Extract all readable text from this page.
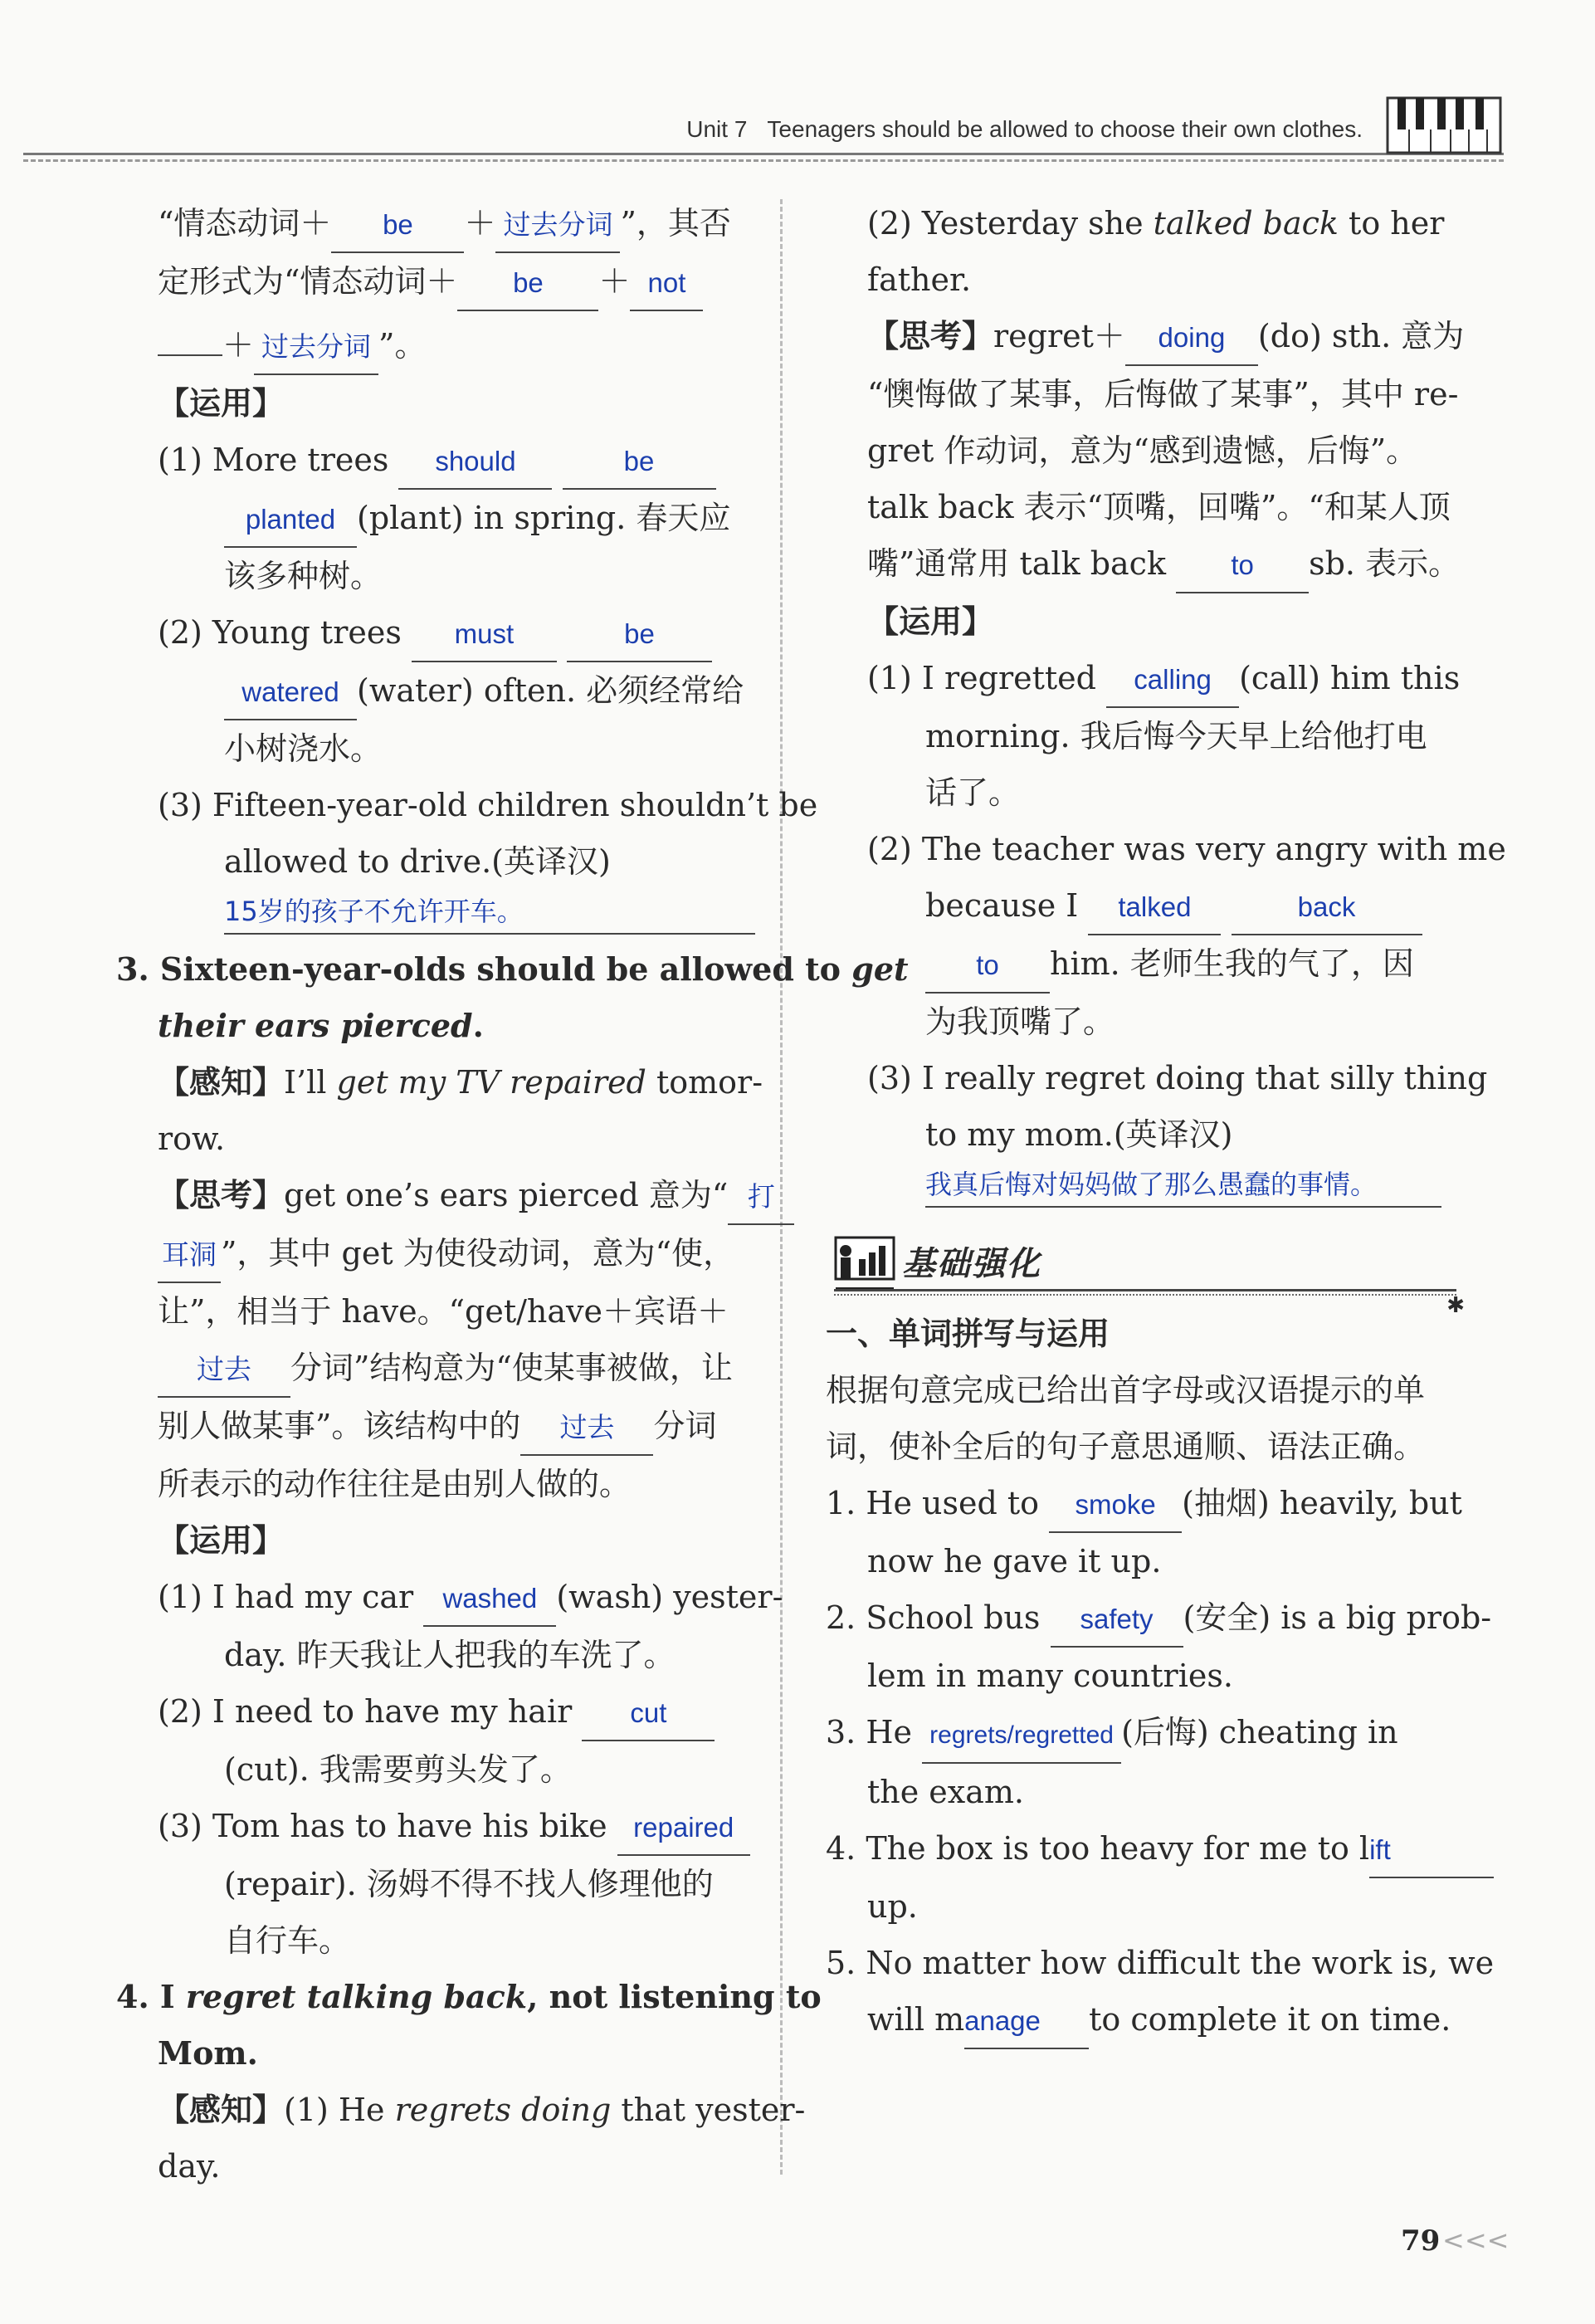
Unit 7 Teenagers should be allowed to choose their own clothes.
“情态动词＋ be ＋ 过去分词 ”，其否
定形式为“情态动词＋ be ＋ not
＋ 过去分词 ”。
【运用】
(1) More trees should	be
planted (plant) in spring. 春天应
该多种树。
(2) Young trees must	be
watered (water) often. 必须经常给
小树浇水。
(3) Fifteen-year-old children shouldn’t be
allowed to drive.(英译汉)
15岁的孩子不允许开车。
3. Sixteen-year-olds should be allowed to get
their ears pierced.
【感知】I’ll get my TV repaired tomor-
row.
【思考】get one’s ears pierced 意为“ 打
耳洞 ”，其中 get 为使役动词，意为“使，
让”，相当于 have。“get/have＋宾语＋
过去 分词”结构意为“使某事被做，让
别人做某事”。该结构中的 过去 分词
所表示的动作往往是由别人做的。
【运用】
(1) I had my car washed (wash) yester-
day. 昨天我让人把我的车洗了。
(2) I need to have my hair cut
(cut). 我需要剪头发了。
(3) Tom has to have his bike repaired
(repair). 汤姆不得不找人修理他的
自行车。
4. I regret talking back, not listening to
Mom.
【感知】(1) He regrets doing that yester-
day.
(2) Yesterday she talked back to her
father.
【思考】regret＋ doing (do) sth. 意为
“懊悔做了某事，后悔做了某事”，其中 re-
gret 作动词，意为“感到遗憾，后悔”。
talk back 表示“顶嘴，回嘴”。“和某人顶
嘴”通常用 talk back to sb. 表示。
【运用】
(1) I regretted calling (call) him this
morning. 我后悔今天早上给他打电
话了。
(2) The teacher was very angry with me
because I talked	back
to him. 老师生我的气了，因
为我顶嘴了。
(3) I really regret doing that silly thing
to my mom.(英译汉)
我真后悔对妈妈做了那么愚蠢的事情。
基础强化
✱
一、单词拼写与运用
根据句意完成已给出首字母或汉语提示的单
词，使补全后的句子意思通顺、语法正确。
1. He used to smoke (抽烟) heavily, but
now he gave it up.
2. School bus safety (安全) is a big prob-
lem in many countries.
3. He regrets/regretted (后悔) cheating in
the exam.
4. The box is too heavy for me to lift
up.
5. No matter how difficult the work is, we
will manage to complete it on time.
79 <<<
